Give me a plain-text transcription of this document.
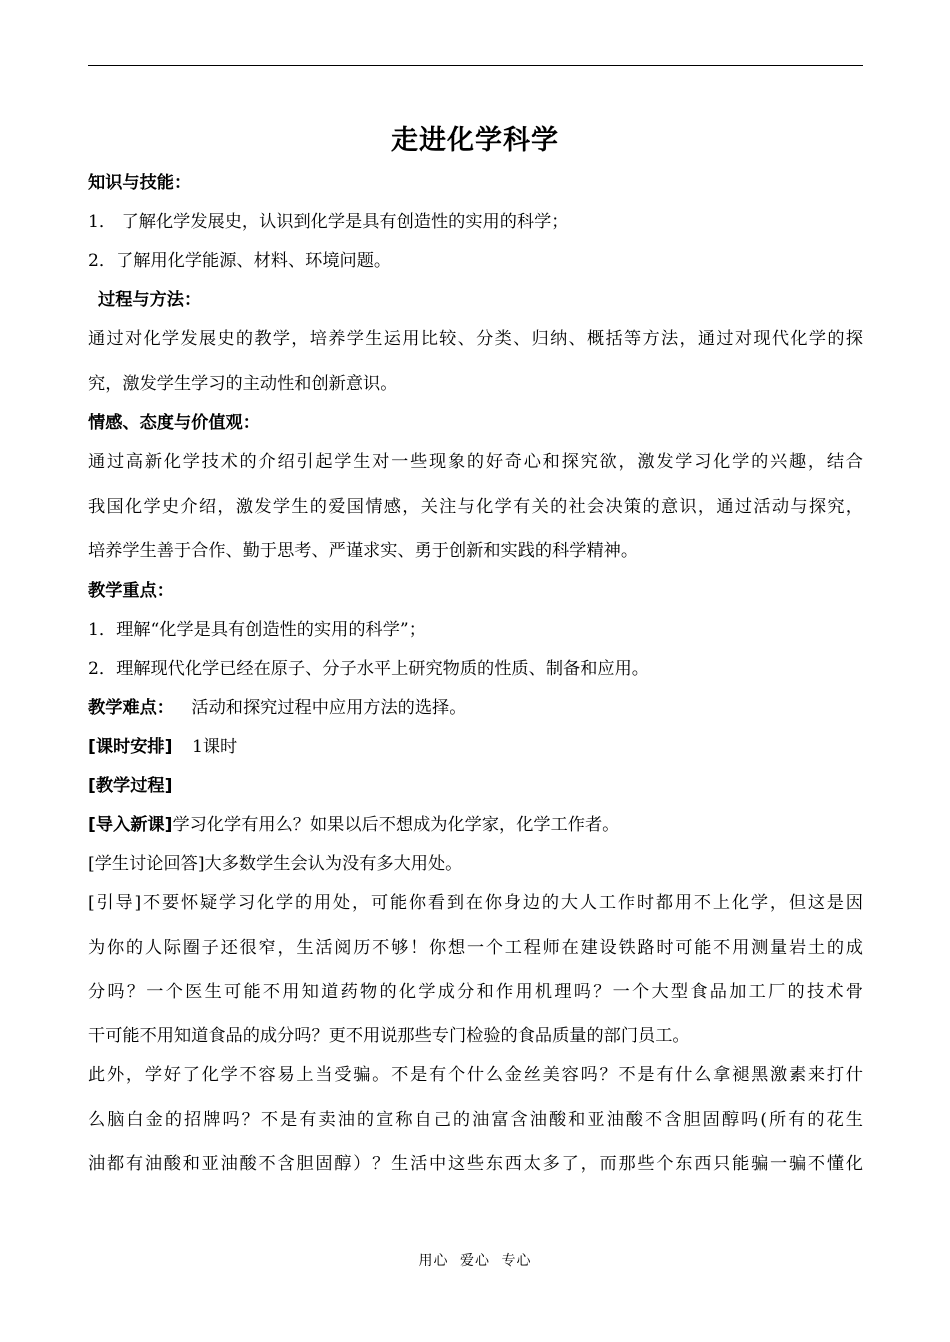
走进化学科学
知识与技能：
1． 了解化学发展史，认识到化学是具有创造性的实用的科学；
2．了解用化学能源、材料、环境问题。
过程与方法：
通过对化学发展史的教学，培养学生运用比较、分类、归纳、概括等方法，通过对现代化学的探
究，激发学生学习的主动性和创新意识。
情感、态度与价值观：
通过高新化学技术的介绍引起学生对一些现象的好奇心和探究欲，激发学习化学的兴趣，结合
我国化学史介绍，激发学生的爱国情感，关注与化学有关的社会决策的意识，通过活动与探究，
培养学生善于合作、勤于思考、严谨求实、勇于创新和实践的科学精神。
教学重点：
1．理解“化学是具有创造性的实用的科学”；
2．理解现代化学已经在原子、分子水平上研究物质的性质、制备和应用。
教学难点： 活动和探究过程中应用方法的选择。
[课时安排] 1课时
[教学过程]
[导入新课]学习化学有用么？如果以后不想成为化学家，化学工作者。
[学生讨论回答]大多数学生会认为没有多大用处。
[引导]不要怀疑学习化学的用处，可能你看到在你身边的大人工作时都用不上化学，但这是因
为你的人际圈子还很窄，生活阅历不够！你想一个工程师在建设铁路时可能不用测量岩土的成
分吗？一个医生可能不用知道药物的化学成分和作用机理吗？一个大型食品加工厂的技术骨
干可能不用知道食品的成分吗？更不用说那些专门检验的食品质量的部门员工。
此外，学好了化学不容易上当受骗。不是有个什么金丝美容吗？不是有什么拿褪黑激素来打什
么脑白金的招牌吗？不是有卖油的宣称自己的油富含油酸和亚油酸不含胆固醇吗(所有的花生
油都有油酸和亚油酸不含胆固醇）？生活中这些东西太多了，而那些个东西只能骗一骗不懂化
用心 爱心 专心
